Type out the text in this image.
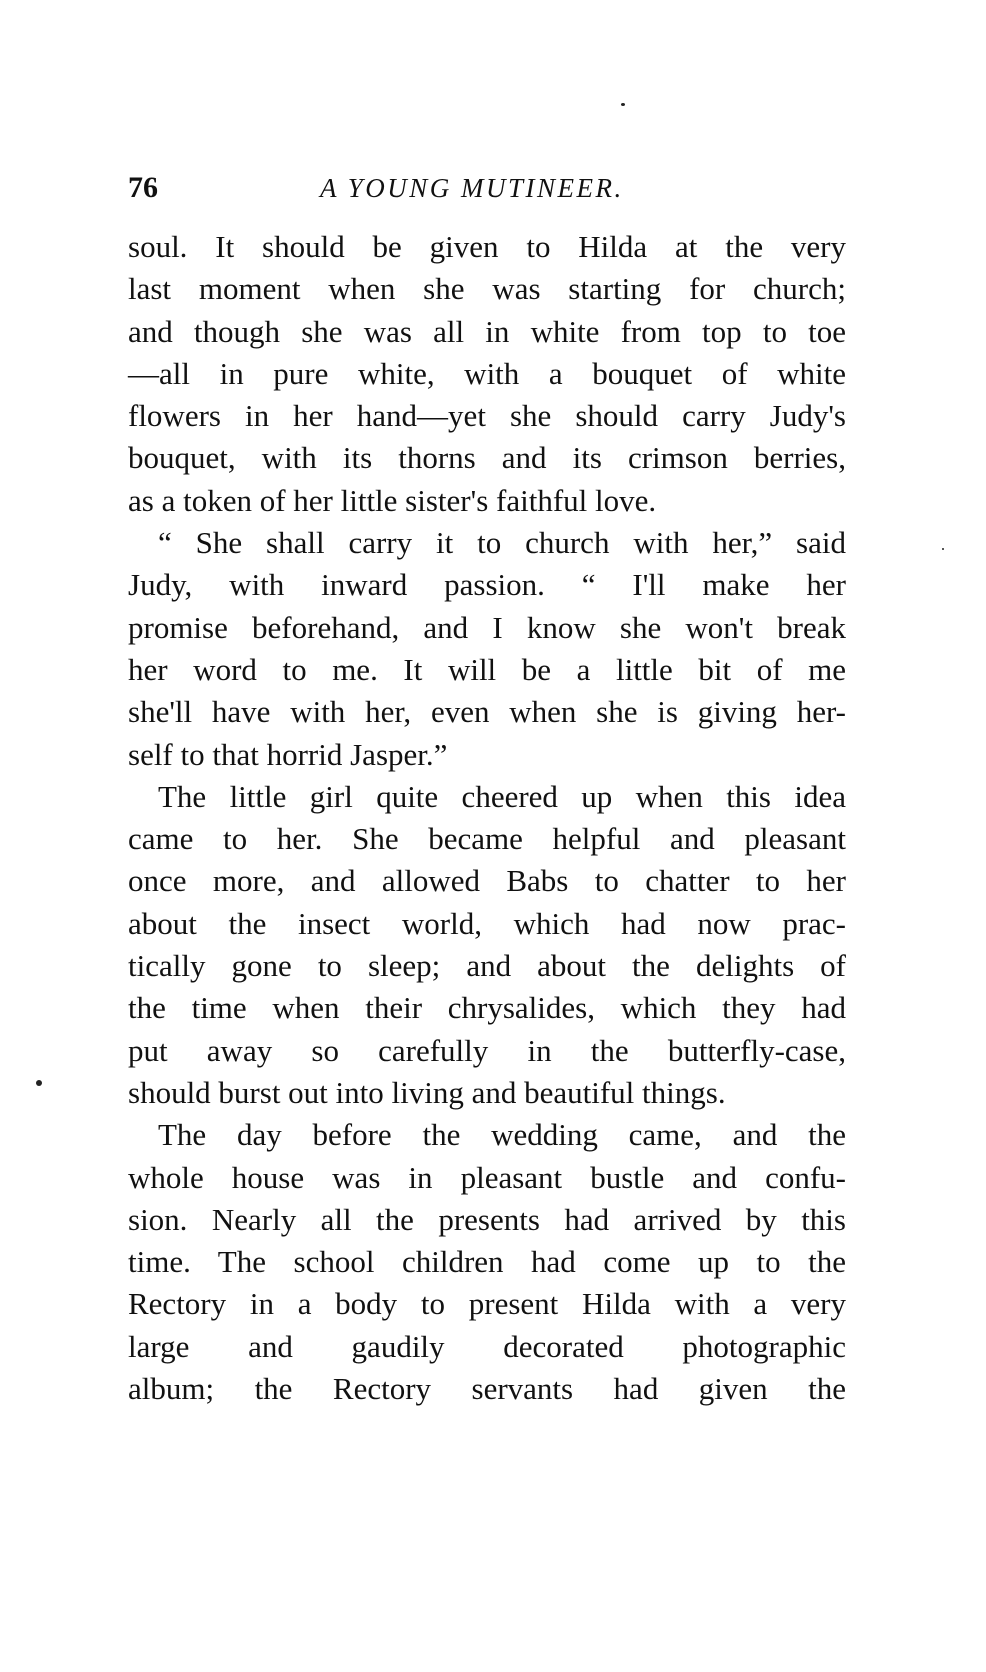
76	A YOUNG MUTINEER.
soul. It should be given to Hilda at the very
last moment when she was starting for church;
and though she was all in white from top to toe
—all in pure white, with a bouquet of white
flowers in her hand—yet she should carry Judy's
bouquet, with its thorns and its crimson berries,
as a token of her little sister's faithful love.
“ She shall carry it to church with her,” said
Judy, with inward passion. “ I'll make her
promise beforehand, and I know she won't break
her word to me. It will be a little bit of me
she'll have with her, even when she is giving her-
self to that horrid Jasper.”
The little girl quite cheered up when this idea
came to her. She became helpful and pleasant
once more, and allowed Babs to chatter to her
about the insect world, which had now prac-
tically gone to sleep; and about the delights of
the time when their chrysalides, which they had
put away so carefully in the butterfly-case,
should burst out into living and beautiful things.
The day before the wedding came, and the
whole house was in pleasant bustle and confu-
sion. Nearly all the presents had arrived by this
time. The school children had come up to the
Rectory in a body to present Hilda with a very
large and gaudily decorated photographic
album; the Rectory servants had given the
